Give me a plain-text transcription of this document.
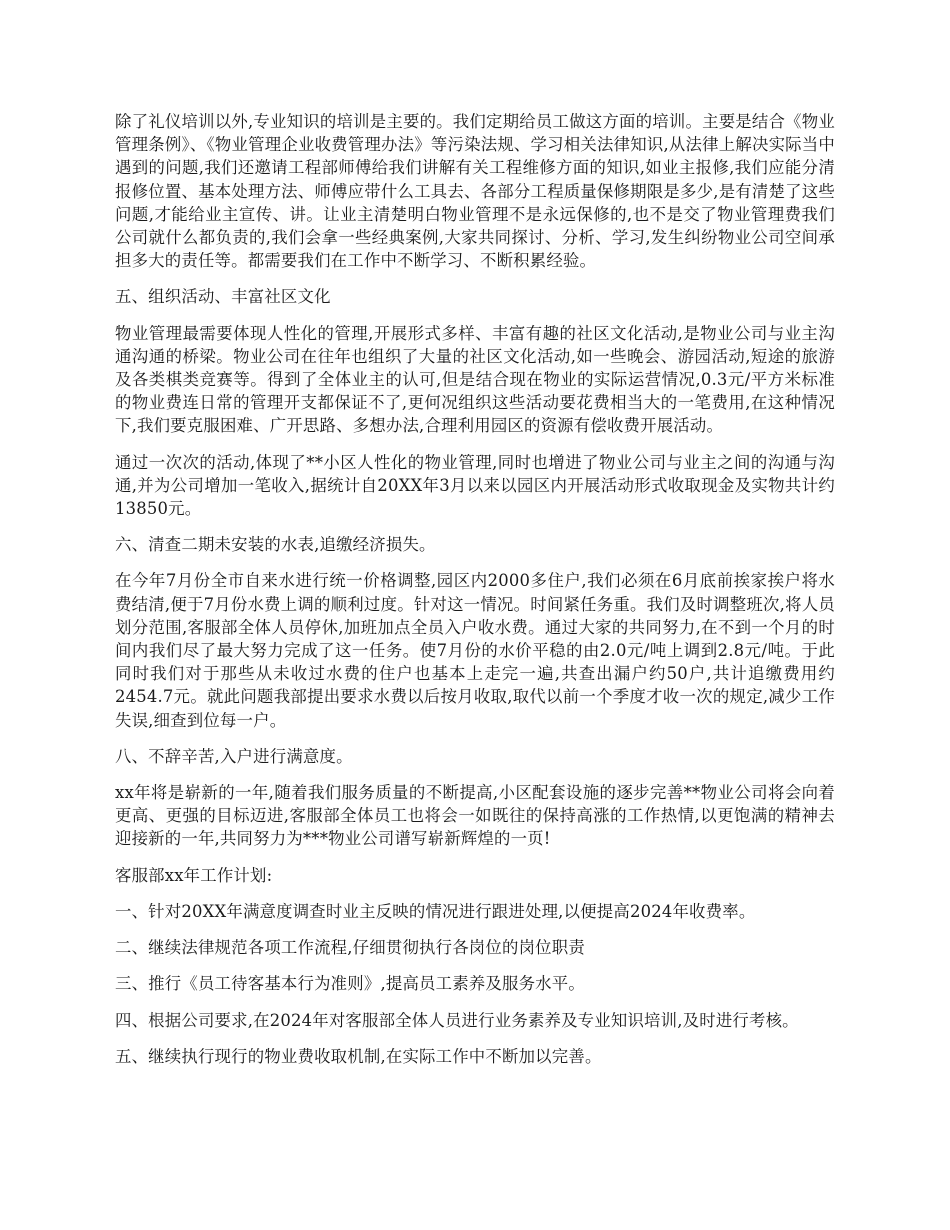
除了礼仪培训以外,专业知识的培训是主要的。我们定期给员工做这方面的培训。主要是结合《物业管理条例》、《物业管理企业收费管理办法》等污染法规、学习相关法律知识,从法律上解决实际当中遇到的问题,我们还邀请工程部师傅给我们讲解有关工程维修方面的知识,如业主报修,我们应能分清报修位置、基本处理方法、师傅应带什么工具去、各部分工程质量保修期限是多少,是有清楚了这些问题,才能给业主宣传、讲。让业主清楚明白物业管理不是永远保修的,也不是交了物业管理费我们公司就什么都负责的,我们会拿一些经典案例,大家共同探讨、分析、学习,发生纠纷物业公司空间承担多大的责任等。都需要我们在工作中不断学习、不断积累经验。

五、组织活动、丰富社区文化

物业管理最需要体现人性化的管理,开展形式多样、丰富有趣的社区文化活动,是物业公司与业主沟通沟通的桥梁。物业公司在往年也组织了大量的社区文化活动,如一些晚会、游园活动,短途的旅游及各类棋类竞赛等。得到了全体业主的认可,但是结合现在物业的实际运营情况,0.3元/平方米标准的物业费连日常的管理开支都保证不了,更何况组织这些活动要花费相当大的一笔费用,在这种情况下,我们要克服困难、广开思路、多想办法,合理利用园区的资源有偿收费开展活动。

通过一次次的活动,体现了**小区人性化的物业管理,同时也增进了物业公司与业主之间的沟通与沟通,并为公司增加一笔收入,据统计自20XX年3月以来以园区内开展活动形式收取现金及实物共计约13850元。

六、清查二期未安装的水表,追缴经济损失。

在今年7月份全市自来水进行统一价格调整,园区内2000多住户,我们必须在6月底前挨家挨户将水费结清,便于7月份水费上调的顺利过度。针对这一情况。时间紧任务重。我们及时调整班次,将人员划分范围,客服部全体人员停休,加班加点全员入户收水费。通过大家的共同努力,在不到一个月的时间内我们尽了最大努力完成了这一任务。使7月份的水价平稳的由2.0元/吨上调到2.8元/吨。于此同时我们对于那些从未收过水费的住户也基本上走完一遍,共查出漏户约50户,共计追缴费用约2454.7元。就此问题我部提出要求水费以后按月收取,取代以前一个季度才收一次的规定,减少工作失误,细查到位每一户。

八、不辞辛苦,入户进行满意度。

xx年将是崭新的一年,随着我们服务质量的不断提高,小区配套设施的逐步完善**物业公司将会向着更高、更强的目标迈进,客服部全体员工也将会一如既往的保持高涨的工作热情,以更饱满的精神去迎接新的一年,共同努力为***物业公司谱写崭新辉煌的一页!

客服部xx年工作计划:

一、针对20XX年满意度调查时业主反映的情况进行跟进处理,以便提高2024年收费率。

二、继续法律规范各项工作流程,仔细贯彻执行各岗位的岗位职责

三、推行《员工待客基本行为准则》,提高员工素养及服务水平。

四、根据公司要求,在2024年对客服部全体人员进行业务素养及专业知识培训,及时进行考核。

五、继续执行现行的物业费收取机制,在实际工作中不断加以完善。
